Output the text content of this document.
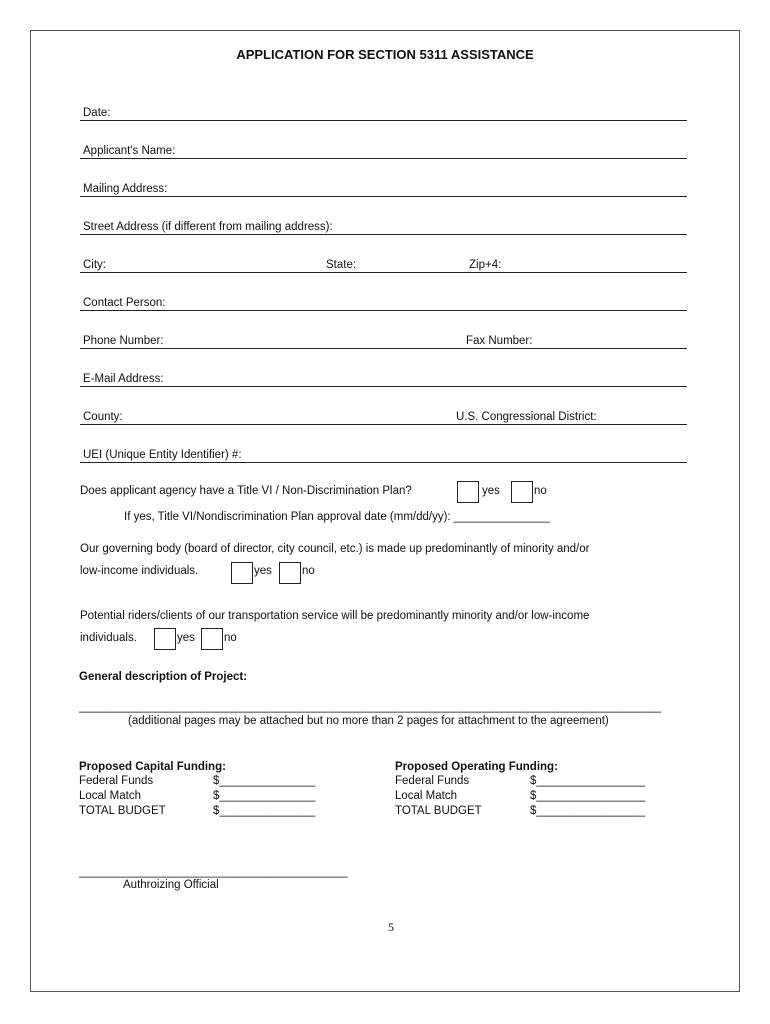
APPLICATION FOR SECTION 5311 ASSISTANCE
Date:
Applicant's Name:
Mailing Address:
Street Address (if different from mailing address):
City:	State:	Zip+4:
Contact Person:
Phone Number:	Fax Number:
E-Mail Address:
County:	U.S. Congressional District:
UEI (Unique Entity Identifier) #:
Does applicant agency have a Title VI / Non-Discrimination Plan?	yes	no
If yes, Title VI/Nondiscrimination Plan approval date (mm/dd/yy): _______________
Our governing body (board of director, city council, etc.) is made up predominantly of minority and/or
low-income individuals.	yes	no
Potential riders/clients of our transportation service will be predominantly minority and/or low-income
individuals.	yes	no
General description of Project:
___________________________________________________________________________________________
(additional pages may be attached but no more than 2 pages for attachment to the agreement)
Proposed Capital Funding:
Federal Funds	$_______________
Local Match	$_______________
TOTAL BUDGET	$_______________
Proposed Operating Funding:
Federal Funds	$_________________
Local Match	$_________________
TOTAL BUDGET	$_________________
__________________________________________
Authroizing Official
5
